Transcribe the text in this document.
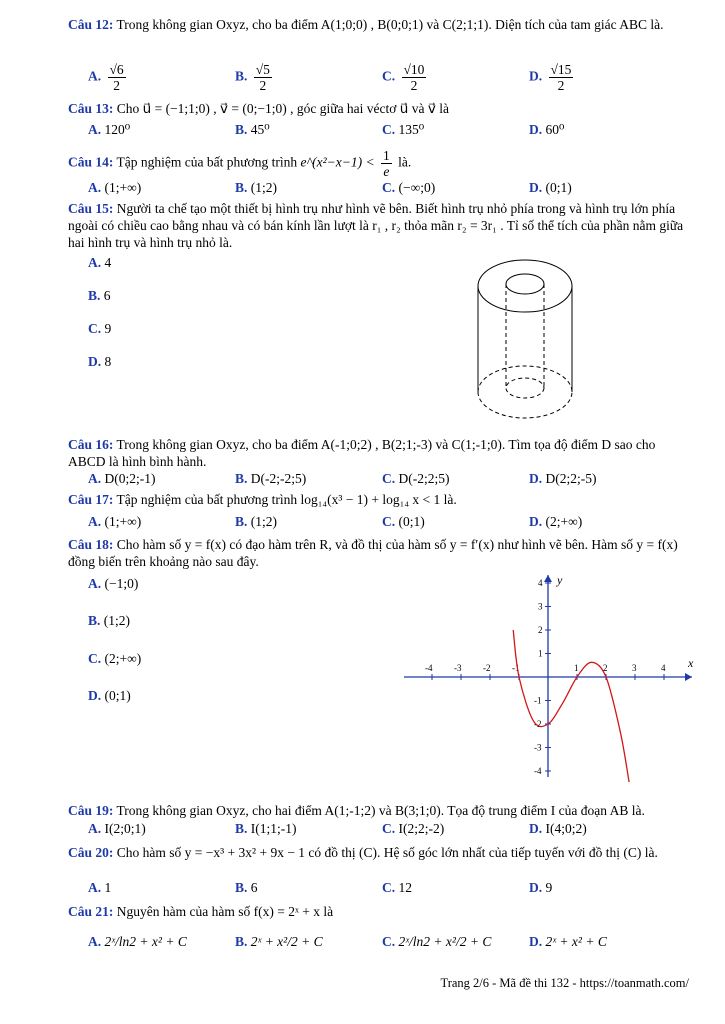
Câu 12: Trong không gian Oxyz, cho ba điểm A(1;0;0) , B(0;0;1) và C(2;1;1). Diện tích của tam giác ABC là.
A. $\frac{√6}{2}$	B. $\frac{√5}{2}$	C. $\frac{√10}{2}$	D. $\frac{√15}{2}$
Câu 13: Cho u⃗ = (−1;1;0) , v⃗ = (0;−1;0) , góc giữa hai véctơ u⃗ và v⃗ là
A. 120⁰	B. 45⁰	C. 135⁰	D. 60⁰
Câu 14: Tập nghiệm của bất phương trình e^(x²−x−1) < $\frac{1}{e}$ là.
A. (1;+∞)	B. (1;2)	C. (−∞;0)	D. (0;1)
Câu 15: Người ta chế tạo một thiết bị hình trụ như hình vẽ bên. Biết hình trụ nhỏ phía trong và hình trụ lớn phía ngoài có chiều cao bằng nhau và có bán kính lần lượt là r₁ , r₂ thỏa mãn r₂ = 3r₁ . Tỉ số thể tích của phần nằm giữa hai hình trụ và hình trụ nhỏ là.
A. 4
B. 6
C. 9
D. 8
Câu 16: Trong không gian Oxyz, cho ba điểm A(-1;0;2) , B(2;1;-3) và C(1;-1;0). Tìm tọa độ điểm D sao cho ABCD là hình bình hành.
A. D(0;2;-1)	B. D(-2;-2;5)	C. D(-2;2;5)	D. D(2;2;-5)
Câu 17: Tập nghiệm của bất phương trình log₁₄(x³ − 1) + log₁₄ x < 1 là.
A. (1;+∞)	B. (1;2)	C. (0;1)	D. (2;+∞)
Câu 18: Cho hàm số y = f(x) có đạo hàm trên R, và đồ thị của hàm số y = f′(x) như hình vẽ bên. Hàm số y = f(x) đồng biến trên khoảng nào sau đây.
A. (−1;0)
B. (1;2)
C. (2;+∞)
D. (0;1)
-4 -3 -2 -1	1	2	3	4
4
3
2
1
-1
-2
-3
-4
x
y
Câu 19: Trong không gian Oxyz, cho hai điểm A(1;-1;2) và B(3;1;0). Tọa độ trung điểm I của đoạn AB là.
A. I(2;0;1)	B. I(1;1;-1)	C. I(2;2;-2)	D. I(4;0;2)
Câu 20: Cho hàm số y = −x³ + 3x² + 9x − 1 có đồ thị (C). Hệ số góc lớn nhất của tiếp tuyến với đồ thị (C) là.
A. 1	B. 6	C. 12	D. 9
Câu 21: Nguyên hàm của hàm số f(x) = 2ˣ + x là
A. 2ˣ/ln2 + x² + C	B. 2ˣ + x²/2 + C	C. 2ˣ/ln2 + x²/2 + C	D. 2ˣ + x² + C
Trang 2/6 - Mã đề thi 132 - https://toanmath.com/
